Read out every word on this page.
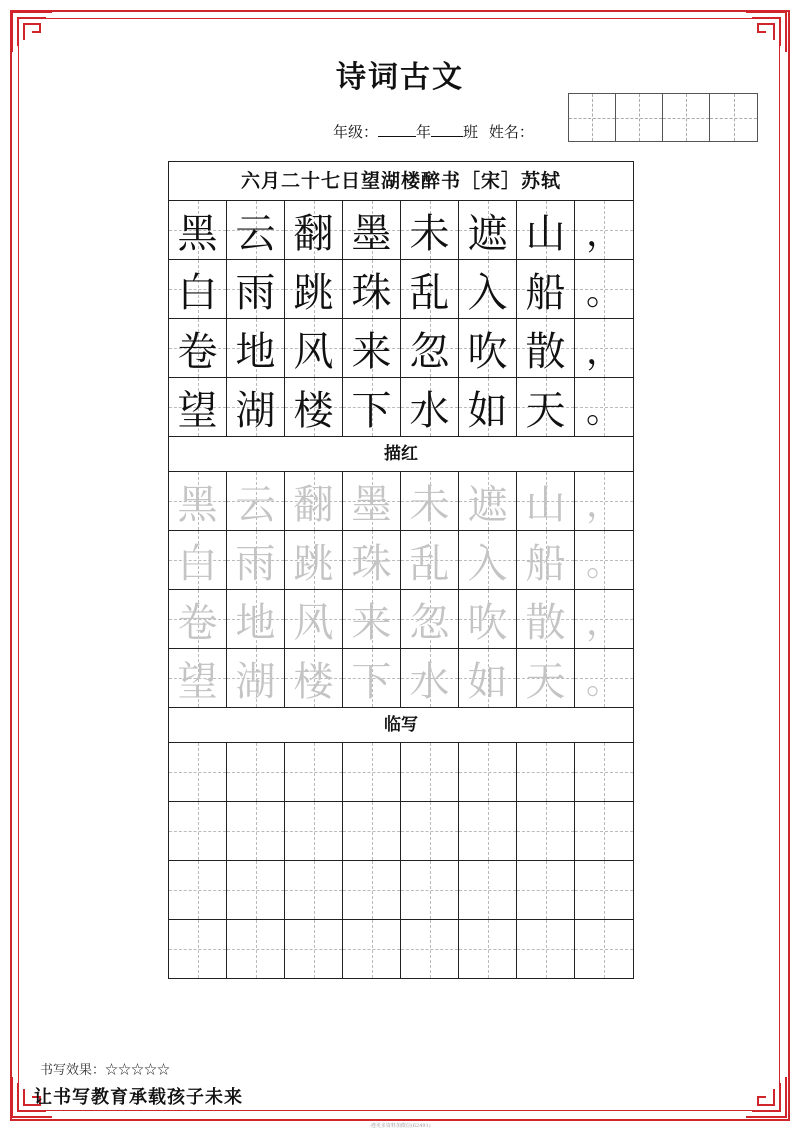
诗词古文
年级：	年 班 姓名：
六月二十七日望湖楼醉书［宋］苏轼
黑 云 翻 墨 未 遮 山 ，
白 雨 跳 珠 乱 入 船 。
卷 地 风 来 忽 吹 散 ，
望 湖 楼 下 水 如 天 。
描红
黑 云 翻 墨 未 遮 山 ，
白 雨 跳 珠 乱 入 船 。
卷 地 风 来 忽 吹 散 ，
望 湖 楼 下 水 如 天 。
临写
书写效果：☆☆☆☆☆
让书写教育承载孩子未来
·遵更多资料加微信(62491)
